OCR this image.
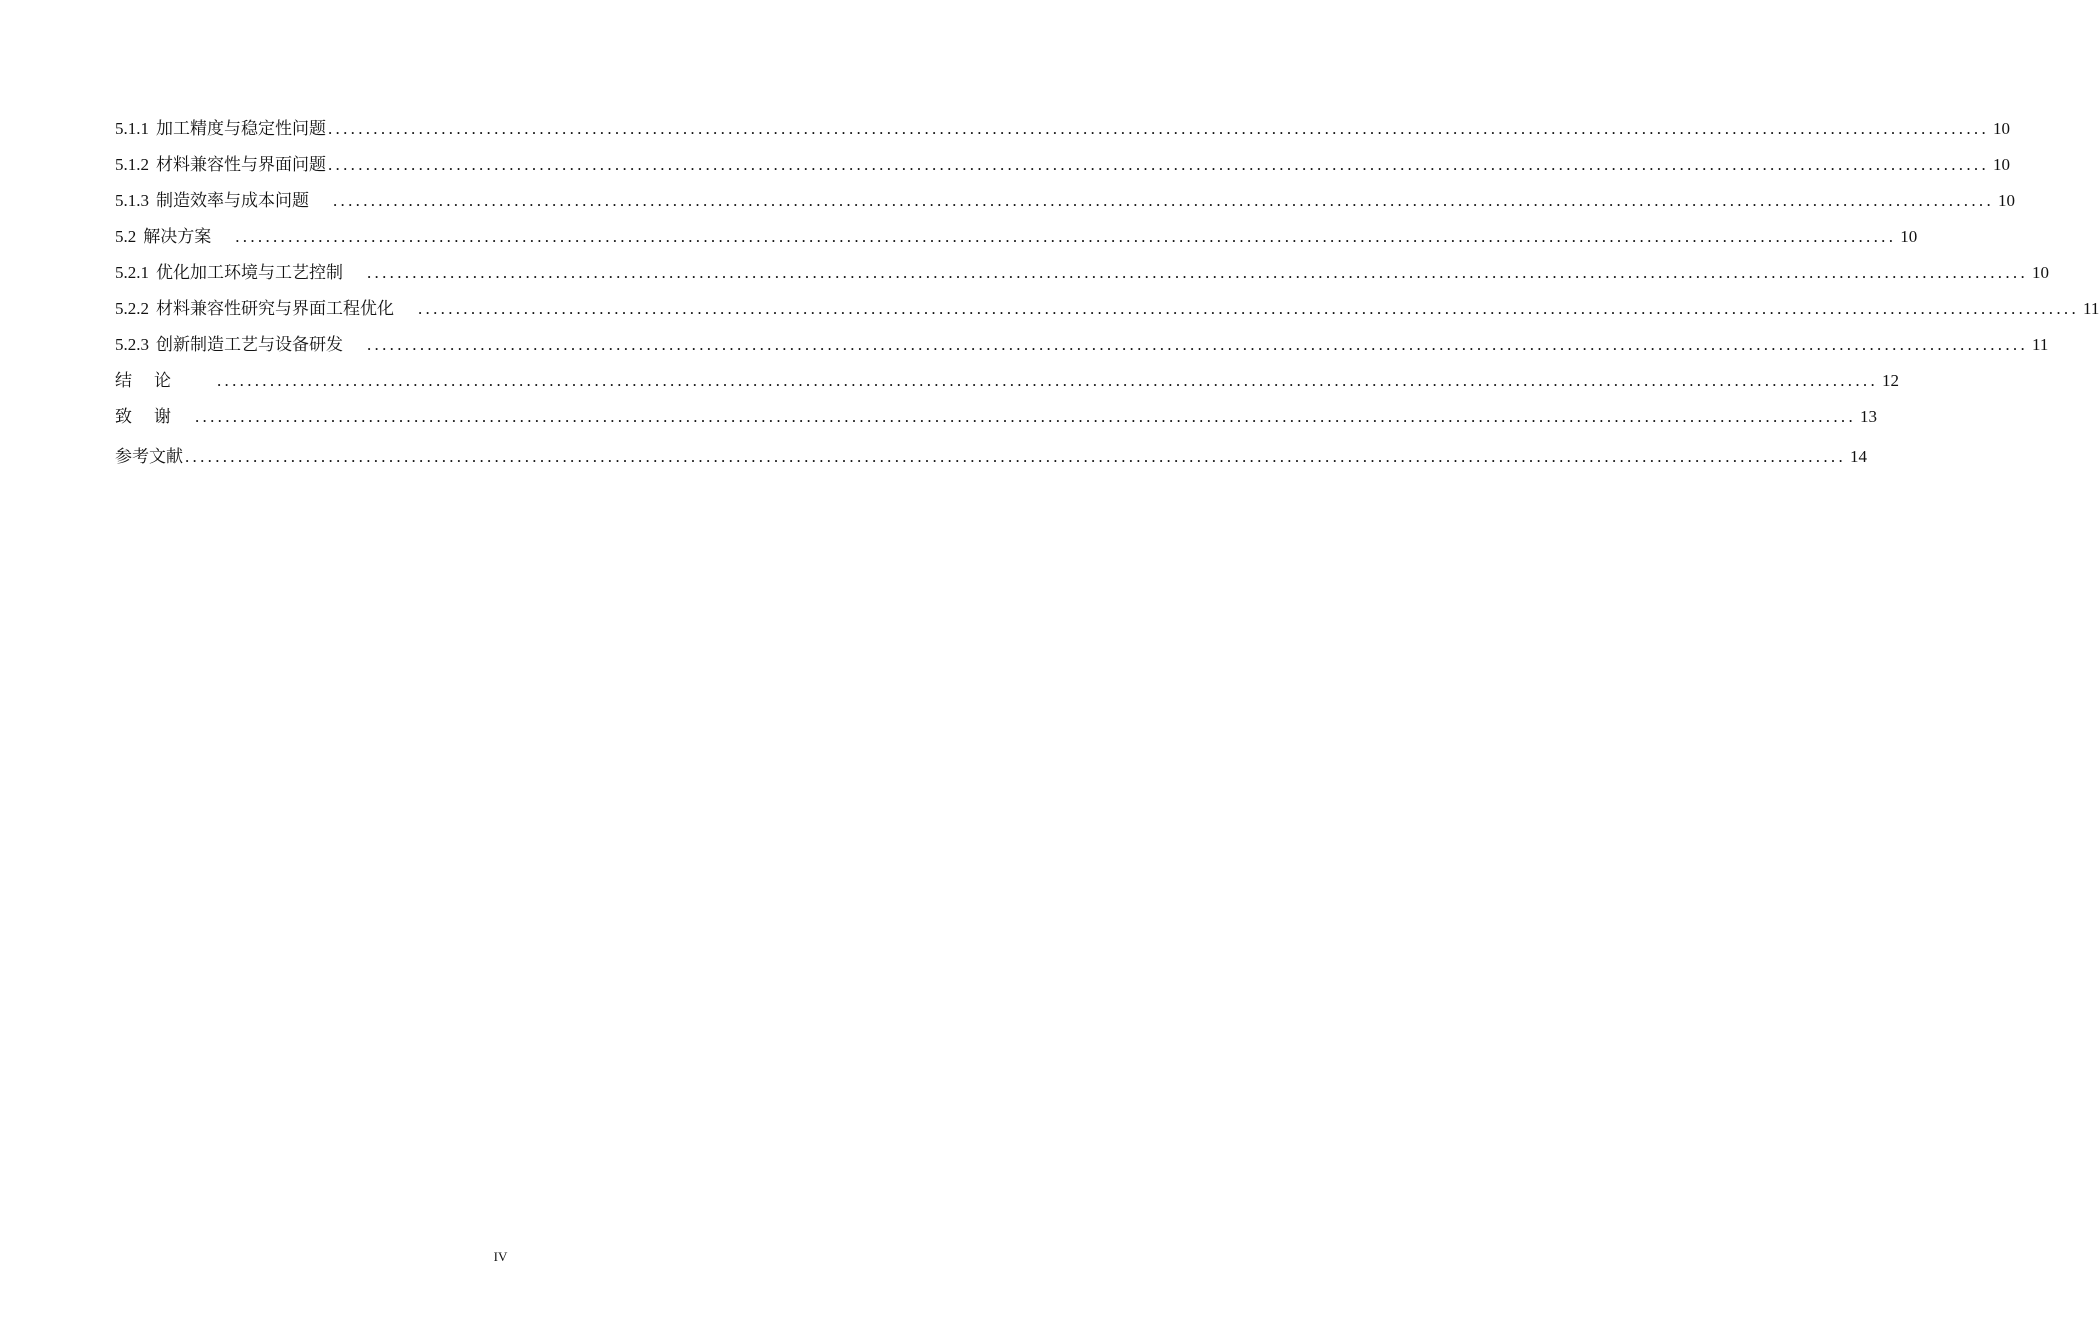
5.1.1 加工精度与稳定性问题 ............................................................................................................................................................................................................................ 10
5.1.2 材料兼容性与界面问题 ............................................................................................................................................................................................................................ 10
5.1.3 制造效率与成本问题 ............................................................................................................................................................................................................................ 10
5.2 解决方案 ............................................................................................................................................................................................................................ 10
5.2.1 优化加工环境与工艺控制 ............................................................................................................................................................................................................................ 10
5.2.2 材料兼容性研究与界面工程优化 ............................................................................................................................................................................................................................ 11
5.2.3 创新制造工艺与设备研发 ............................................................................................................................................................................................................................ 11
结论 ............................................................................................................................................................................................................................ 12
致谢 ............................................................................................................................................................................................................................ 13
参考文献 ............................................................................................................................................................................................................................ 14
IV
